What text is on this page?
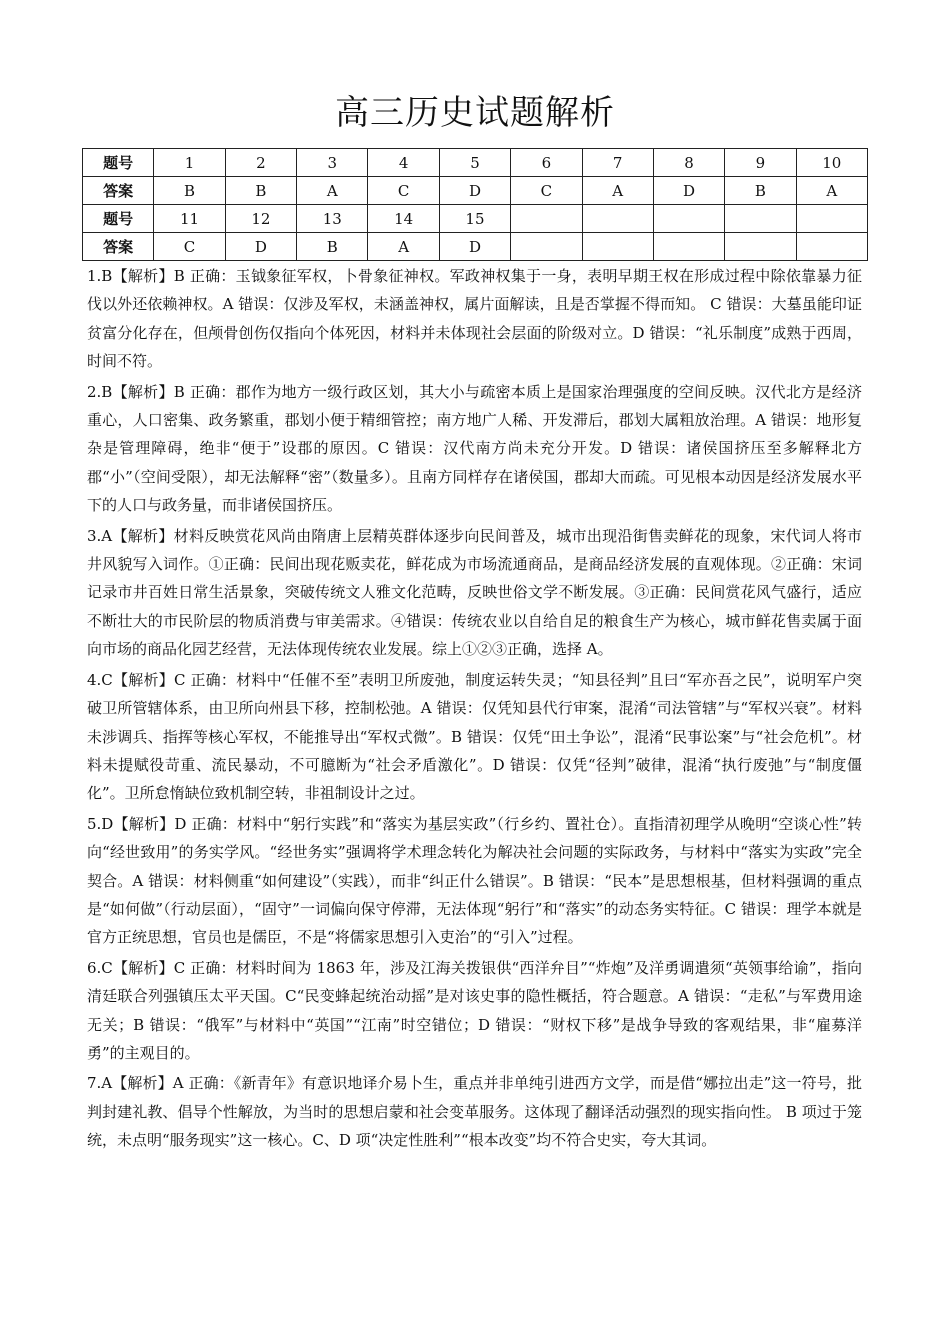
高三历史试题解析
题号	1	2	3	4	5	6	7	8	9	10
答案	B	B	A	C	D	C	A	D	B	A
题号	11	12	13	14	15					
答案	C	D	B	A	D					

1.B【解析】B 正确：玉钺象征军权，卜骨象征神权。军政神权集于一身，表明早期王权在形成过程中除依靠暴力征伐以外还依赖神权。A 错误：仅涉及军权，未涵盖神权，属片面解读，且是否掌握不得而知。 C 错误：大墓虽能印证贫富分化存在，但颅骨创伤仅指向个体死因，材料并未体现社会层面的阶级对立。D 错误：“礼乐制度”成熟于西周，时间不符。

2.B【解析】B 正确：郡作为地方一级行政区划，其大小与疏密本质上是国家治理强度的空间反映。汉代北方是经济重心，人口密集、政务繁重，郡划小便于精细管控；南方地广人稀、开发滞后，郡划大属粗放治理。A 错误：地形复杂是管理障碍，绝非“便于”设郡的原因。C 错误：汉代南方尚未充分开发。D 错误：诸侯国挤压至多解释北方郡“小”（空间受限），却无法解释“密”（数量多）。且南方同样存在诸侯国，郡却大而疏。可见根本动因是经济发展水平下的人口与政务量，而非诸侯国挤压。

3.A【解析】材料反映赏花风尚由隋唐上层精英群体逐步向民间普及，城市出现沿街售卖鲜花的现象，宋代词人将市井风貌写入词作。①正确：民间出现花贩卖花，鲜花成为市场流通商品，是商品经济发展的直观体现。②正确：宋词记录市井百姓日常生活景象，突破传统文人雅文化范畴，反映世俗文学不断发展。③正确：民间赏花风气盛行，适应不断壮大的市民阶层的物质消费与审美需求。④错误：传统农业以自给自足的粮食生产为核心，城市鲜花售卖属于面向市场的商品化园艺经营，无法体现传统农业发展。综上①②③正确，选择 A。

4.C【解析】C 正确：材料中“任催不至”表明卫所废弛，制度运转失灵；“知县径判”且曰“军亦吾之民”，说明军户突破卫所管辖体系，由卫所向州县下移，控制松弛。A 错误：仅凭知县代行审案，混淆“司法管辖”与“军权兴衰”。材料未涉调兵、指挥等核心军权，不能推导出“军权式微”。B 错误：仅凭“田土争讼”，混淆“民事讼案”与“社会危机”。材料未提赋役苛重、流民暴动，不可臆断为“社会矛盾激化”。D 错误：仅凭“径判”破律，混淆“执行废弛”与“制度僵化”。卫所怠惰缺位致机制空转，非祖制设计之过。

5.D【解析】D 正确：材料中“躬行实践”和“落实为基层实政”（行乡约、置社仓）。直指清初理学从晚明“空谈心性”转向“经世致用”的务实学风。“经世务实”强调将学术理念转化为解决社会问题的实际政务，与材料中“落实为实政”完全契合。A 错误：材料侧重“如何建设”（实践），而非“纠正什么错误”。B 错误：“民本”是思想根基，但材料强调的重点是“如何做”（行动层面），“固守”一词偏向保守停滞，无法体现“躬行”和“落实”的动态务实特征。C 错误：理学本就是官方正统思想，官员也是儒臣，不是“将儒家思想引入吏治”的“引入”过程。

6.C【解析】C 正确：材料时间为 1863 年，涉及江海关拨银供“西洋弁目”“炸炮”及洋勇调遣须“英领事给谕”，指向清廷联合列强镇压太平天国。C“民变蜂起统治动摇”是对该史事的隐性概括，符合题意。A 错误：“走私”与军费用途无关；B 错误：“俄军”与材料中“英国”“江南”时空错位；D 错误：“财权下移”是战争导致的客观结果，非“雇募洋勇”的主观目的。

7.A【解析】A 正确：《新青年》有意识地译介易卜生，重点并非单纯引进西方文学，而是借“娜拉出走”这一符号，批判封建礼教、倡导个性解放，为当时的思想启蒙和社会变革服务。这体现了翻译活动强烈的现实指向性。 B 项过于笼统，未点明“服务现实”这一核心。C、D 项“决定性胜利”“根本改变”均不符合史实，夸大其词。
